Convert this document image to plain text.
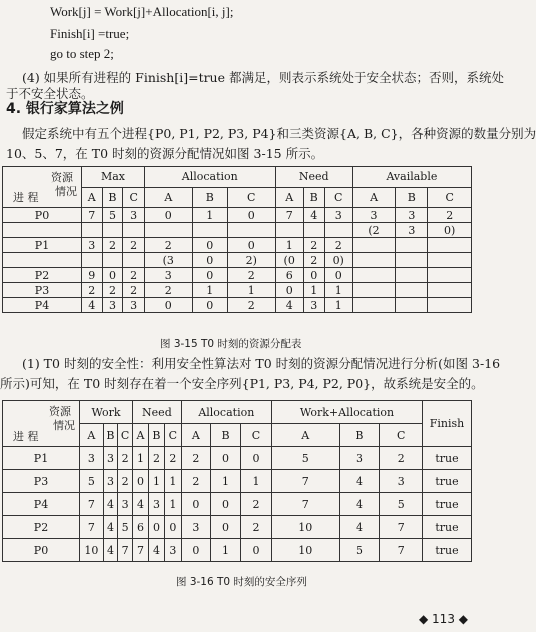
Work[j] = Work[j]+Allocation[i, j];
Finish[i] =true;
go to step 2;
(4) 如果所有进程的 Finish[i]=true 都满足，则表示系统处于安全状态；否则，系统处
于不安全状态。
4. 银行家算法之例
假定系统中有五个进程{P0, P1, P2, P3, P4}和三类资源{A, B, C}，各种资源的数量分别为
10、5、7，在 T0 时刻的资源分配情况如图 3-15 所示。
资源
情况
进 程	Max			Allocation			Need			Available		
	A	B	C	A	B	C	A	B	C	A	B	C
P0	7	5	3	0	1	0	7	4	3	3	3	2
										(2	3	0)
P1	3	2	2	2	0	0	1	2	2			
				(3	0	2)	(0	2	0)			
P2	9	0	2	3	0	2	6	0	0			
P3	2	2	2	2	1	1	0	1	1			
P4	4	3	3	0	0	2	4	3	1			
图 3-15 T0 时刻的资源分配表
(1) T0 时刻的安全性：利用安全性算法对 T0 时刻的资源分配情况进行分析(如图 3-16
所示)可知，在 T0 时刻存在着一个安全序列{P1, P3, P4, P2, P0}，故系统是安全的。
资源
情况
进 程	Work			Need			Allocation			Work+Allocation			Finish
	A	B	C	A	B	C	A	B	C	A	B	C	
P1	3	3	2	1	2	2	2	0	0	5	3	2	true
P3	5	3	2	0	1	1	2	1	1	7	4	3	true
P4	7	4	3	4	3	1	0	0	2	7	4	5	true
P2	7	4	5	6	0	0	3	0	2	10	4	7	true
P0	10	4	7	7	4	3	0	1	0	10	5	7	true
图 3-16 T0 时刻的安全序列
◆ 113 ◆
